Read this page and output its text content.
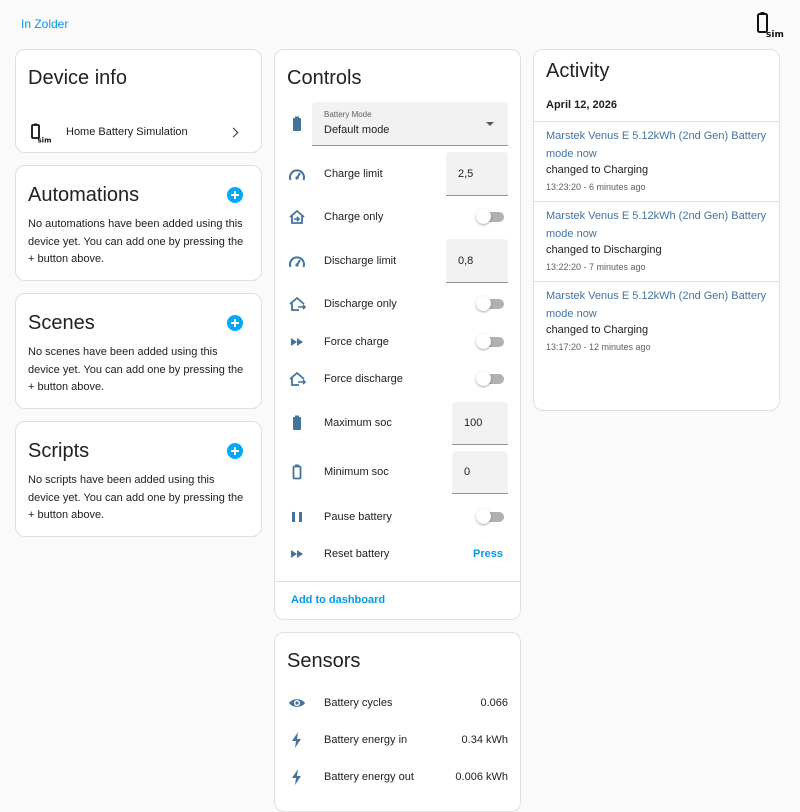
In Zolder
sim
Device info
sim
Home Battery Simulation
Automations
No automations have been added using this device yet. You can add one by pressing the + button above.
Scenes
No scenes have been added using this device yet. You can add one by pressing the + button above.
Scripts
No scripts have been added using this device yet. You can add one by pressing the + button above.
Controls
Battery Mode
Default mode
Charge limit	2,5
Charge only
Discharge limit	0,8
Discharge only
Force charge
Force discharge
Maximum soc	100
Minimum soc	0
Pause battery
Reset battery	Press
Add to dashboard
Sensors
Battery cycles	0.066
Battery energy in	0.34 kWh
Battery energy out	0.006 kWh
Activity
April 12, 2026
Marstek Venus E 5.12kWh (2nd Gen) Battery mode now
changed to Charging
13:23:20 - 6 minutes ago
Marstek Venus E 5.12kWh (2nd Gen) Battery mode now
changed to Discharging
13:22:20 - 7 minutes ago
Marstek Venus E 5.12kWh (2nd Gen) Battery mode now
changed to Charging
13:17:20 - 12 minutes ago
